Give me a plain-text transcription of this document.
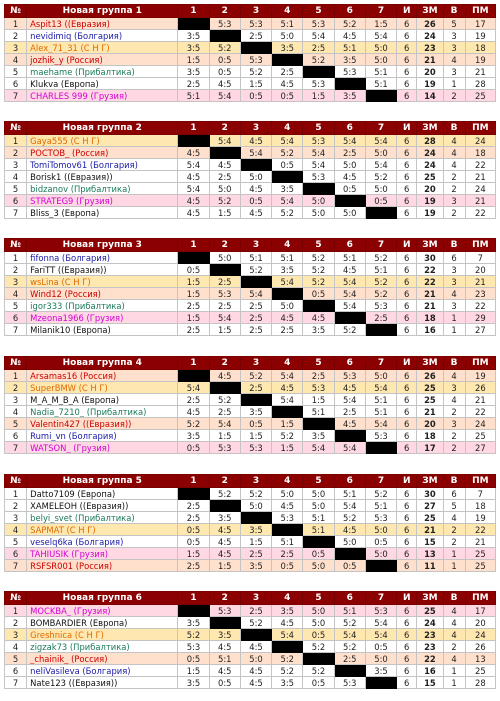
№	Новая группа 1	1	2	3	4	5	6	7	И	ЗМ	В	ПМ
1	Aspit13 ((Евразия)		5:3	5:3	5:1	5:3	5:2	1:5	6	26	5	17
2	nevidimiq (Болгария)	3:5		2:5	5:0	5:4	4:5	5:4	6	24	3	19
3	Alex_71_31 (С Н Г)	3:5	5:2		3:5	2:5	5:1	5:0	6	23	3	18
4	jozhik_y (Россия)	1:5	0:5	5:3		5:2	3:5	5:0	6	21	4	19
5	maehame (Прибалтика)	3:5	0:5	5:2	2:5		5:3	5:1	6	20	3	21
6	Klukva (Европа)	2:5	4:5	1:5	4:5	5:3		5:1	6	19	1	28
7	CHARLES 999 (Грузия)	5:1	5:4	0:5	0:5	1:5	3:5		6	14	2	25
№	Новая группа 2	1	2	3	4	5	6	7	И	ЗМ	В	ПМ
1	Gaya555 (С Н Г)		5:4	4:5	5:4	5:3	5:4	5:4	6	28	4	24
2	POCTOB_ (Россия)	4:5		5:4	5:2	5:4	2:5	5:0	6	24	4	18
3	TomiTomov61 (Болгария)	5:4	4:5		0:5	5:4	5:0	5:4	6	24	4	22
4	Borisk1 ((Евразия))	4:5	2:5	5:0		5:3	4:5	5:2	6	25	2	21
5	bidzanov (Прибалтика)	5:4	5:0	4:5	3:5		0:5	5:0	6	20	2	24
6	STRATEG9 (Грузия)	4:5	5:2	0:5	5:4	5:0		0:5	6	19	3	21
7	Bliss_3 (Европа)	4:5	1:5	4:5	5:2	5:0	5:0		6	19	2	22
№	Новая группа 3	1	2	3	4	5	6	7	И	ЗМ	В	ПМ
1	fifonna (Болгария)		5:0	5:1	5:1	5:2	5:1	5:2	6	30	6	7
2	FariTT ((Евразия))	0:5		5:2	3:5	5:2	4:5	5:1	6	22	3	20
3	wsLina (С Н Г)	1:5	2:5		5:4	5:2	5:4	5:2	6	22	3	21
4	Wind12 (Россия)	1:5	5:3	5:4		0:5	5:4	5:2	6	21	4	23
5	igor333 (Прибалтика)	2:5	2:5	2:5	5:0		5:4	5:3	6	21	3	22
6	Mzeona1966 (Грузия)	1:5	5:4	2:5	4:5	4:5		2:5	6	18	1	29
7	Milanik10 (Европа)	2:5	1:5	2:5	2:5	3:5	5:2		6	16	1	27
№	Новая группа 4	1	2	3	4	5	6	7	И	ЗМ	В	ПМ
1	Arsamas16 (Россия)		4:5	5:2	5:4	2:5	5:3	5:0	6	26	4	19
2	SuperBMW (С Н Г)	5:4		2:5	4:5	5:3	4:5	5:4	6	25	3	26
3	M_A_M_B_A (Европа)	2:5	5:2		5:4	1:5	5:4	5:1	6	25	4	21
4	Nadia_7210_ (Прибалтика)	4:5	2:5	3:5		5:1	2:5	5:1	6	21	2	22
5	Valentin427 ((Евразия))	5:2	5:4	0:5	1:5		4:5	5:4	6	20	3	24
6	Rumi_vn (Болгария)	3:5	1:5	1:5	5:2	3:5		5:3	6	18	2	25
7	WATSON_ (Грузия)	0:5	5:3	5:3	1:5	5:4	5:4		6	17	2	27
№	Новая группа 5	1	2	3	4	5	6	7	И	ЗМ	В	ПМ
1	Datto7109 (Европа)		5:2	5:2	5:0	5:0	5:1	5:2	6	30	6	7
2	XAMELEOH ((Евразия))	2:5		5:0	4:5	5:0	5:4	5:1	6	27	5	18
3	belyi_svet (Прибалтика)	2:5	3:5		5:3	5:1	5:2	5:3	6	25	4	19
4	SAPMAT (С Н Г)	0:5	4:5	3:5		5:1	4:5	5:0	6	21	2	22
5	veselq6ka (Болгария)	0:5	4:5	1:5	5:1		5:0	0:5	6	15	2	21
6	TAHIUSIK (Грузия)	1:5	4:5	2:5	2:5	0:5		5:0	6	13	1	25
7	RSFSR001 (Россия)	2:5	1:5	3:5	0:5	5:0	0:5		6	11	1	25
№	Новая группа 6	1	2	3	4	5	6	7	И	ЗМ	В	ПМ
1	MOCKBA_ (Грузия)		5:3	2:5	3:5	5:0	5:1	5:3	6	25	4	17
2	BOMBARDIER (Европа)	3:5		5:2	4:5	5:0	5:2	5:4	6	24	4	20
3	Greshnica (С Н Г)	5:2	3:5		5:4	0:5	5:4	5:4	6	23	4	24
4	zigzak73 (Прибалтика)	5:3	4:5	4:5		5:2	5:2	0:5	6	23	2	26
5	_chainik_ (Россия)	0:5	5:1	5:0	5:2		2:5	5:0	6	22	4	13
6	neliVasileva (Болгария)	1:5	4:5	4:5	5:2	5:2		3:5	6	16	1	25
7	Nate123 ((Евразия))	3:5	0:5	4:5	3:5	0:5	5:3		6	15	1	28
